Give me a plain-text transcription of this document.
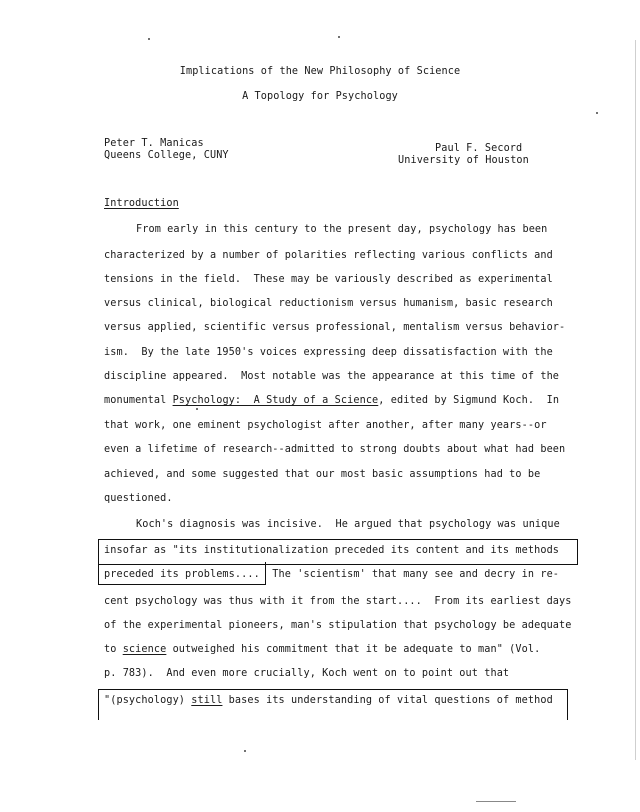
Implications of the New Philosophy of Science
A Topology for Psychology
Peter T. Manicas
Queens College, CUNY
Paul F. Secord
University of Houston
Introduction
From early in this century to the present day, psychology has been
characterized by a number of polarities reflecting various conflicts and
tensions in the field.  These may be variously described as experimental
versus clinical, biological reductionism versus humanism, basic research
versus applied, scientific versus professional, mentalism versus behavior-
ism.  By the late 1950's voices expressing deep dissatisfaction with the
discipline appeared.  Most notable was the appearance at this time of the
monumental Psychology:  A Study of a Science, edited by Sigmund Koch.  In
that work, one eminent psychologist after another, after many years--or
even a lifetime of research--admitted to strong doubts about what had been
achieved, and some suggested that our most basic assumptions had to be
questioned.
Koch's diagnosis was incisive.  He argued that psychology was unique
insofar as "its institutionalization preceded its content and its methods
preceded its problems....  The 'scientism' that many see and decry in re-
cent psychology was thus with it from the start....  From its earliest days
of the experimental pioneers, man's stipulation that psychology be adequate
to science outweighed his commitment that it be adequate to man" (Vol.
p. 783).  And even more crucially, Koch went on to point out that
"(psychology) still bases its understanding of vital questions of method
